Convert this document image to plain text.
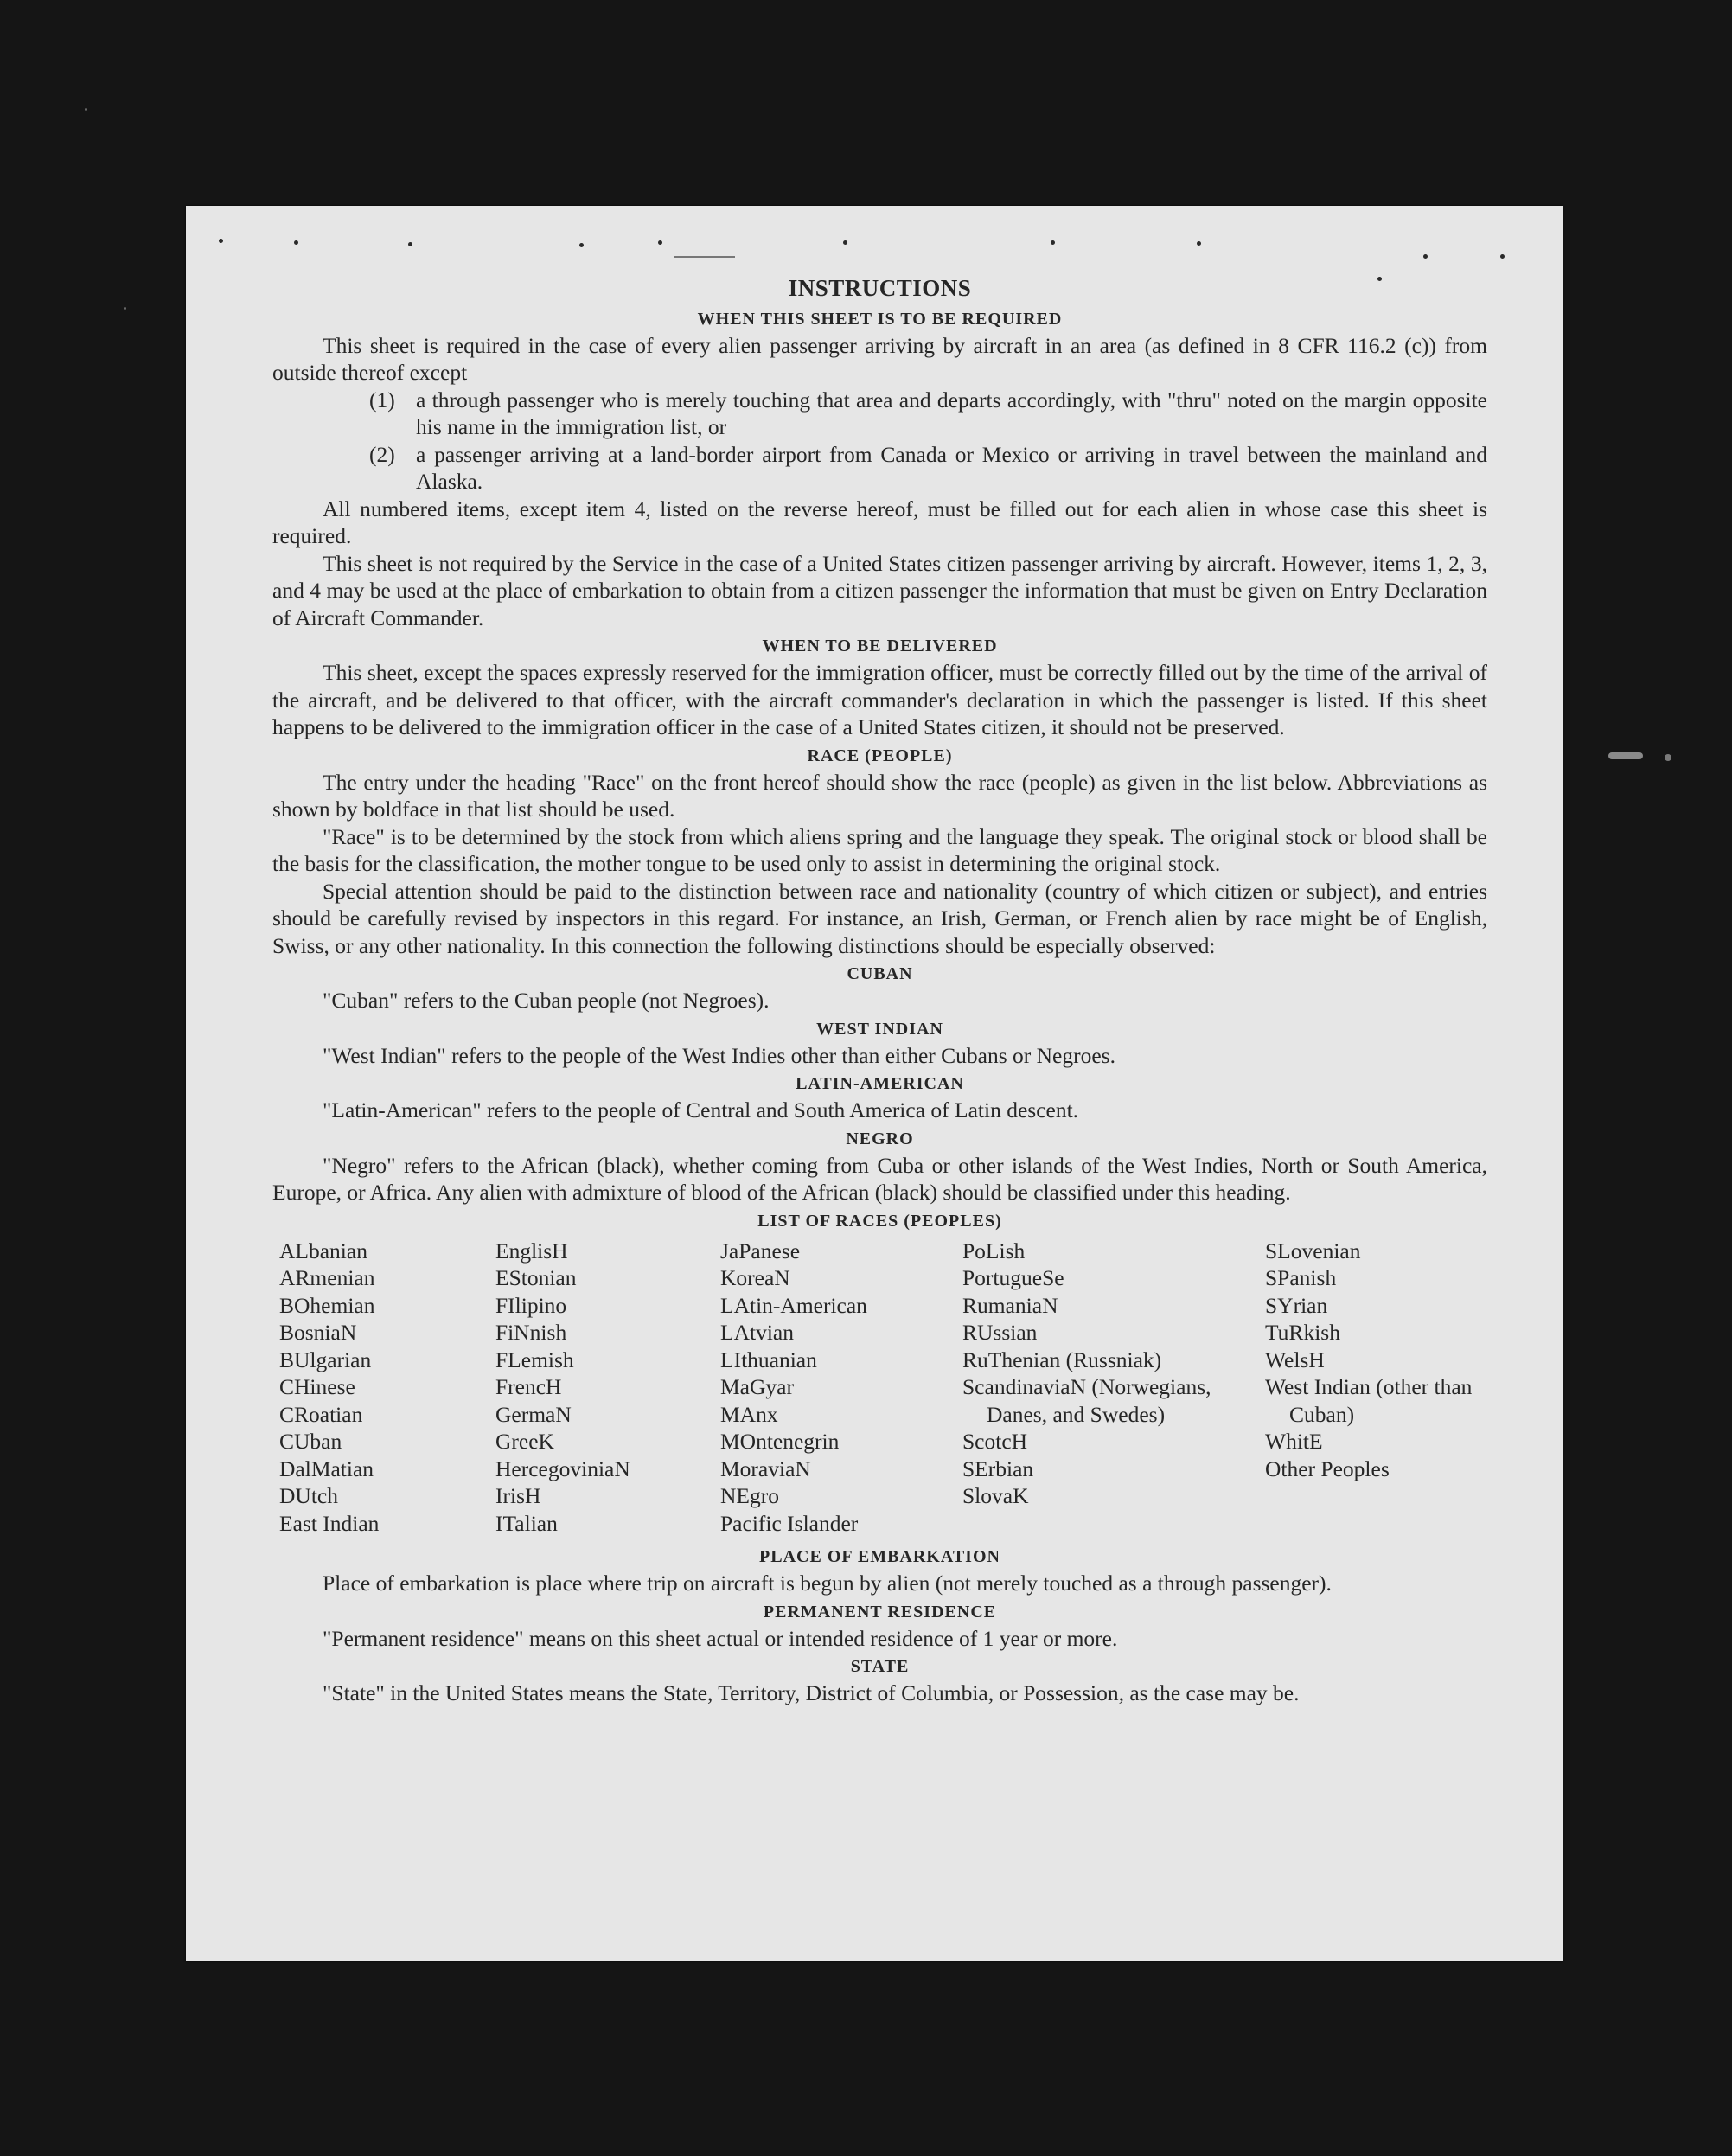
INSTRUCTIONS
WHEN THIS SHEET IS TO BE REQUIRED

This sheet is required in the case of every alien passenger arriving by aircraft in an area (as defined in 8 CFR 116.2 (c)) from outside thereof except

(1) a through passenger who is merely touching that area and departs accordingly, with "thru" noted on the margin opposite his name in the immigration list, or
(2) a passenger arriving at a land-border airport from Canada or Mexico or arriving in travel between the mainland and Alaska.

All numbered items, except item 4, listed on the reverse hereof, must be filled out for each alien in whose case this sheet is required.

This sheet is not required by the Service in the case of a United States citizen passenger arriving by aircraft. However, items 1, 2, 3, and 4 may be used at the place of embarkation to obtain from a citizen passenger the information that must be given on Entry Declaration of Aircraft Commander.

WHEN TO BE DELIVERED

This sheet, except the spaces expressly reserved for the immigration officer, must be correctly filled out by the time of the arrival of the aircraft, and be delivered to that officer, with the aircraft commander's declaration in which the passenger is listed. If this sheet happens to be delivered to the immigration officer in the case of a United States citizen, it should not be preserved.

RACE (PEOPLE)

The entry under the heading "Race" on the front hereof should show the race (people) as given in the list below. Abbreviations as shown by boldface in that list should be used.

"Race" is to be determined by the stock from which aliens spring and the language they speak. The original stock or blood shall be the basis for the classification, the mother tongue to be used only to assist in determining the original stock.

Special attention should be paid to the distinction between race and nationality (country of which citizen or subject), and entries should be carefully revised by inspectors in this regard. For instance, an Irish, German, or French alien by race might be of English, Swiss, or any other nationality. In this connection the following distinctions should be especially observed:

CUBAN

"Cuban" refers to the Cuban people (not Negroes).

WEST INDIAN

"West Indian" refers to the people of the West Indies other than either Cubans or Negroes.

LATIN-AMERICAN

"Latin-American" refers to the people of Central and South America of Latin descent.

NEGRO

"Negro" refers to the African (black), whether coming from Cuba or other islands of the West Indies, North or South America, Europe, or Africa. Any alien with admixture of blood of the African (black) should be classified under this heading.

LIST OF RACES (PEOPLES)
ALbanian
ARmenian
BOhemian
BosniaN
BUlgarian
CHinese
CRoatian
CUban
DalMatian
DUtch
East Indian
EnglisH
EStonian
FIlipino
FiNnish
FLemish
FrencH
GermaN
GreeK
HercegoviniaN
IrisH
ITalian
JaPanese
KoreaN
LAtin-American
LAtvian
LIthuanian
MaGyar
MAnx
MOntenegrin
MoraviaN
NEgro
Pacific Islander
PoLish
PortugueSe
RumaniaN
RUssian
RuThenian (Russniak)
ScandinaviaN (Norwegians, Danes, and Swedes)
ScotcH
SErbian
SlovaK
SLovenian
SPanish
SYrian
TuRkish
WelsH
West Indian (other than Cuban)
WhitE
Other Peoples
PLACE OF EMBARKATION

Place of embarkation is place where trip on aircraft is begun by alien (not merely touched as a through passenger).

PERMANENT RESIDENCE

"Permanent residence" means on this sheet actual or intended residence of 1 year or more.

STATE

"State" in the United States means the State, Territory, District of Columbia, or Possession, as the case may be.
